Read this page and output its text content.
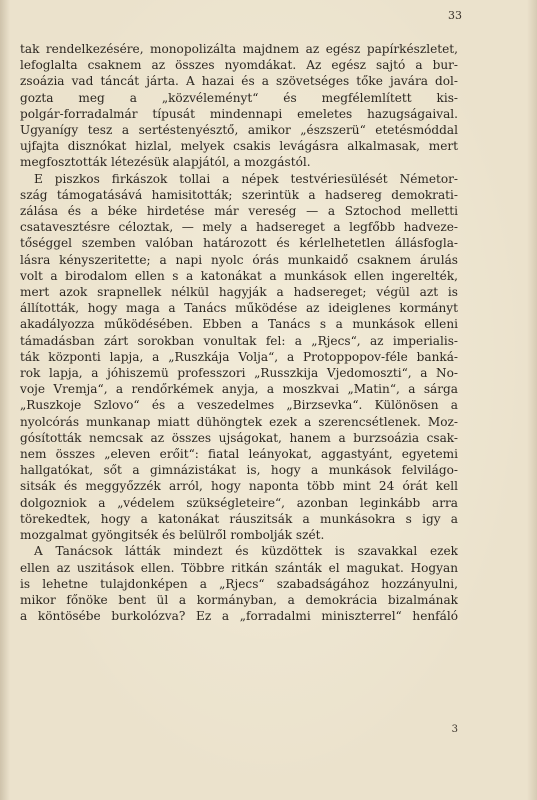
33
tak rendelkezésére, monopolizálta majdnem az egész papírkészletet,
lefoglalta csaknem az összes nyomdákat. Az egész sajtó a bur-
zsoázia vad táncát járta. A hazai és a szövetséges tőke javára dol-
gozta meg a „közvéleményt“ és megfélemlített kis-
polgár-forradalmár típusát mindennapi emeletes hazugságaival.
Ugyanígy tesz a sertéstenyésztő, amikor „észszerü“ etetésmóddal
ujfajta disznókat hizlal, melyek csakis levágásra alkalmasak, mert
megfosztották létezésük alapjától, a mozgástól.
E piszkos firkászok tollai a népek testvériesülését Németor-
szág támogatásává hamisitották; szerintük a hadsereg demokrati-
zálása és a béke hirdetése már vereség — a Sztochod melletti
csatavesztésre céloztak, — mely a hadsereget a legfőbb hadveze-
tőséggel szemben valóban határozott és kérlelhetetlen állásfogla-
lásra kényszeritette; a napi nyolc órás munkaidő csaknem árulás
volt a birodalom ellen s a katonákat a munkások ellen ingerelték,
mert azok srapnellek nélkül hagyják a hadsereget; végül azt is
állították, hogy maga a Tanács működése az ideiglenes kormányt
akadályozza működésében. Ebben a Tanács s a munkások elleni
támadásban zárt sorokban vonultak fel: a „Rjecs“, az imperialis-
ták központi lapja, a „Ruszkája Volja“, a Protoppopov-féle banká-
rok lapja, a jóhiszemü professzori „Russzkija Vjedomoszti“, a No-
voje Vremja“, a rendőrkémek anyja, a moszkvai „Matin“, a sárga
„Ruszkoje Szlovo“ és a veszedelmes „Birzsevka“. Különösen a
nyolcórás munkanap miatt dühöngtek ezek a szerencsétlenek. Moz-
gósították nemcsak az összes ujságokat, hanem a burzsoázia csak-
nem összes „eleven erőit“: fiatal leányokat, aggastyánt, egyetemi
hallgatókat, sőt a gimnázistákat is, hogy a munkások felvilágo-
sitsák és meggyőzzék arról, hogy naponta több mint 24 órát kell
dolgozniok a „védelem szükségleteire“, azonban leginkább arra
törekedtek, hogy a katonákat ráuszitsák a munkásokra s igy a
mozgalmat gyöngitsék és belülről rombolják szét.
A Tanácsok látták mindezt és küzdöttek is szavakkal ezek
ellen az uszitások ellen. Többre ritkán szánták el magukat. Hogyan
is lehetne tulajdonképen a „Rjecs“ szabadságához hozzányulni,
mikor főnöke bent ül a kormányban, a demokrácia bizalmának
a köntösébe burkolózva? Ez a „forradalmi miniszterrel“ henfáló
3
